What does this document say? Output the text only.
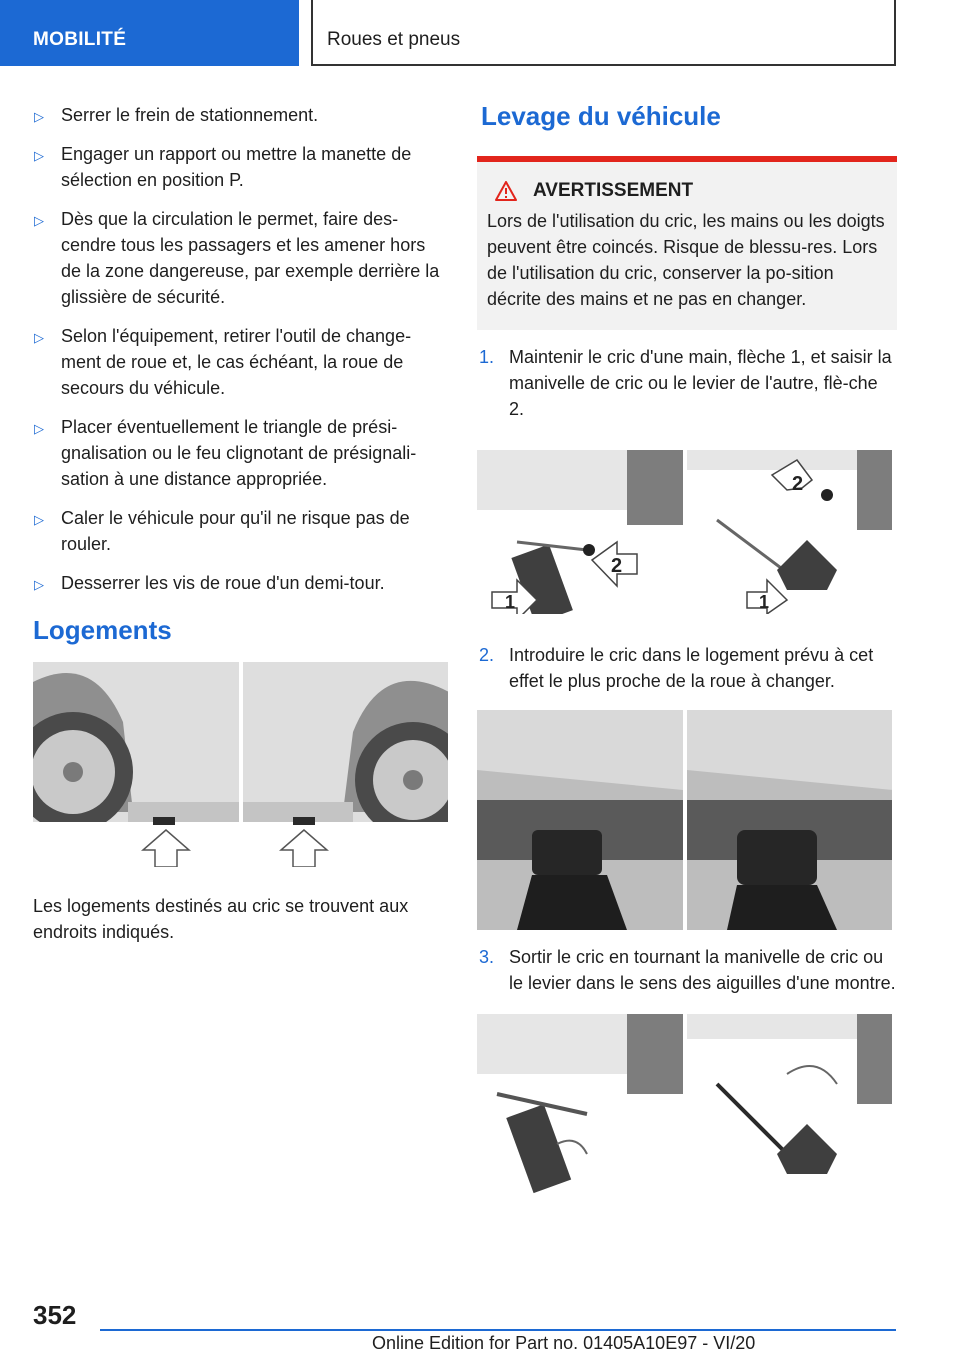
MOBILITÉ	Roues et pneus
▷ Serrer le frein de stationnement.
▷ Engager un rapport ou mettre la manette de sélection en position P.
▷ Dès que la circulation le permet, faire des-cendre tous les passagers et les amener hors de la zone dangereuse, par exemple derrière la glissière de sécurité.
▷ Selon l'équipement, retirer l'outil de change-ment de roue et, le cas échéant, la roue de secours du véhicule.
▷ Placer éventuellement le triangle de prési-gnalisation ou le feu clignotant de présignali-sation à une distance appropriée.
▷ Caler le véhicule pour qu'il ne risque pas de rouler.
▷ Desserrer les vis de roue d'un demi-tour.
Logements

Les logements destinés au cric se trouvent aux endroits indiqués.

Levage du véhicule
AVERTISSEMENT

Lors de l'utilisation du cric, les mains ou les doigts peuvent être coincés. Risque de blessu-res. Lors de l'utilisation du cric, conserver la po-sition décrite des mains et ne pas en changer.

1. Maintenir le cric d'une main, flèche 1, et saisir la manivelle de cric ou le levier de l'autre, flè-che 2.
2
1
2
1
2. Introduire le cric dans le logement prévu à cet effet le plus proche de la roue à changer.
3. Sortir le cric en tournant la manivelle de cric ou le levier dans le sens des aiguilles d'une montre.
352
Online Edition for Part no. 01405A10E97 - VI/20
